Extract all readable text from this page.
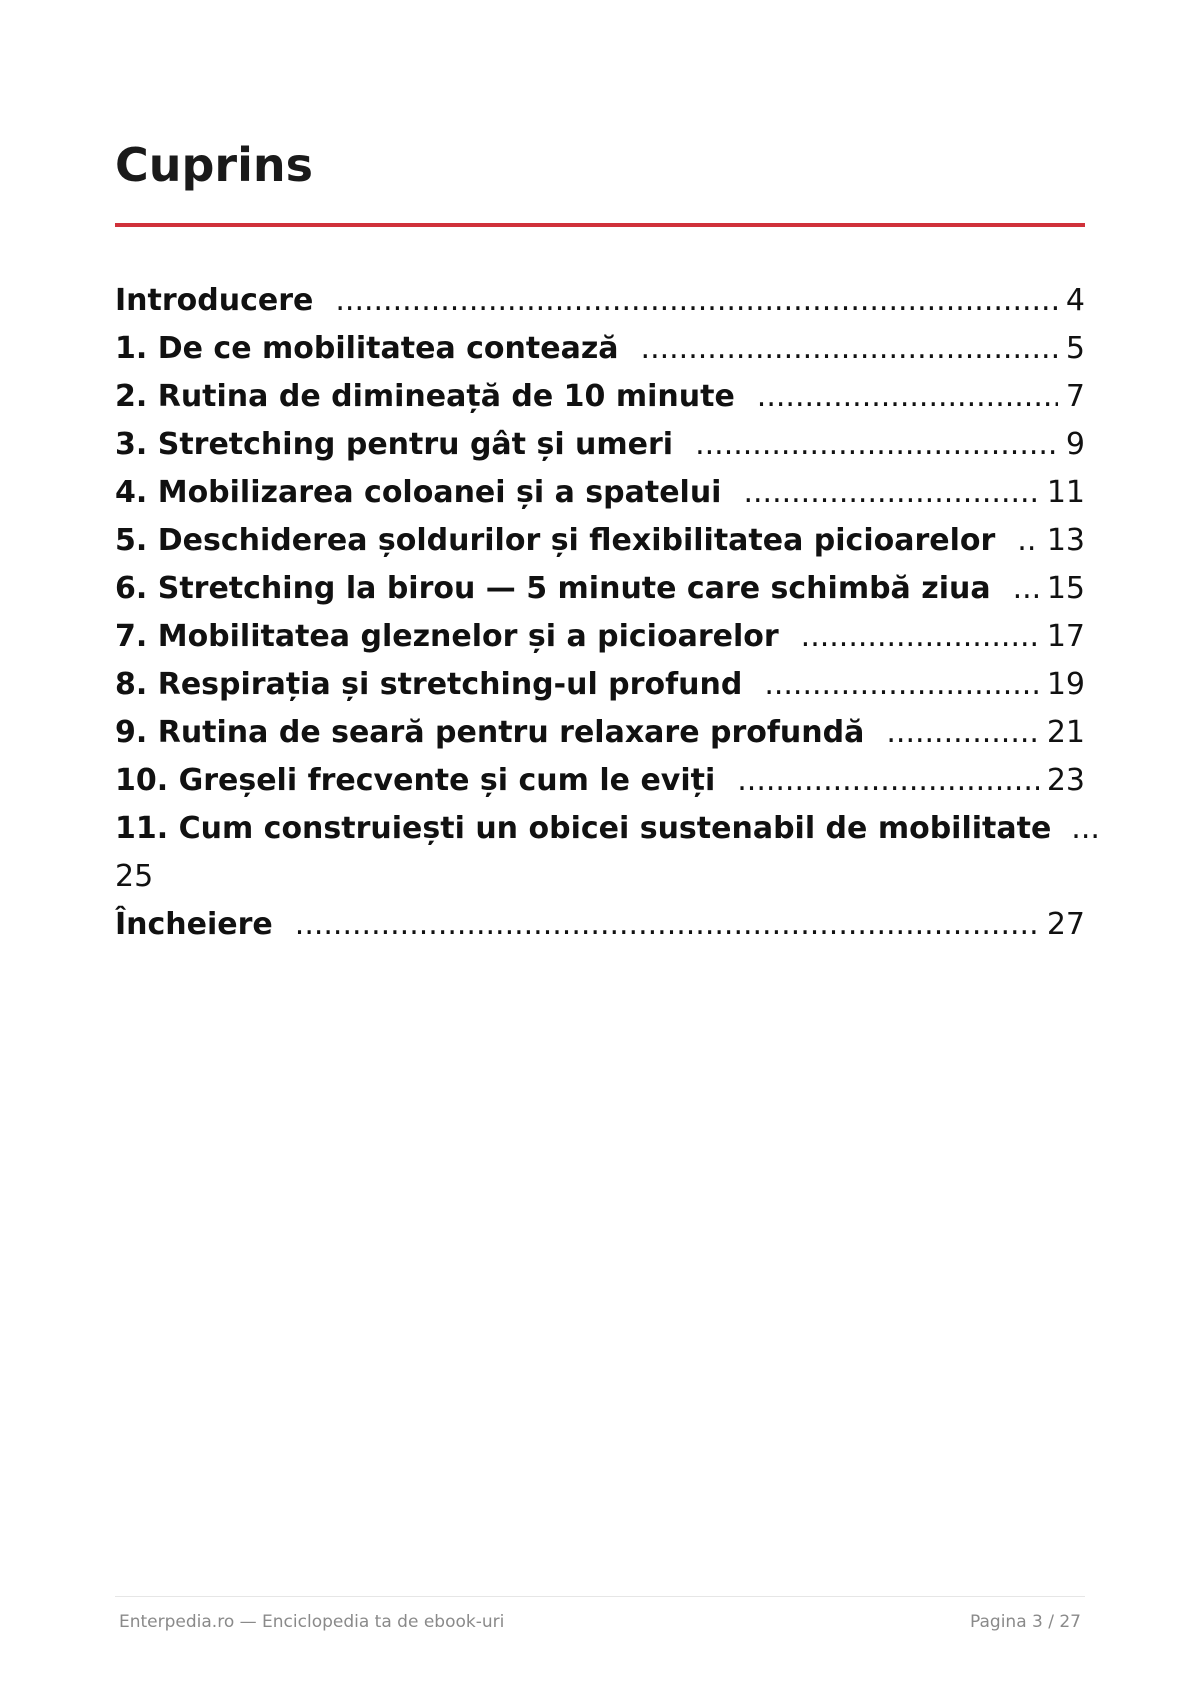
Cuprins
Introducere .....	4
1. De ce mobilitatea contează .....	5
2. Rutina de dimineață de 10 minute .....	7
3. Stretching pentru gât și umeri .....	9
4. Mobilizarea coloanei și a spatelui .....	11
5. Deschiderea șoldurilor și flexibilitatea picioarelor ..... 13
6. Stretching la birou — 5 minute care schimbă ziua ..... 15
7. Mobilitatea gleznelor și a picioarelor .....	17
8. Respirația și stretching-ul profund .....	19
9. Rutina de seară pentru relaxare profundă .....	21
10. Greșeli frecvente și cum le eviți .....	23
11. Cum construiești un obicei sustenabil de mobilitate ...
25
Încheiere .....	27
Enterpedia.ro — Enciclopedia ta de ebook-uri	Pagina 3 / 27
